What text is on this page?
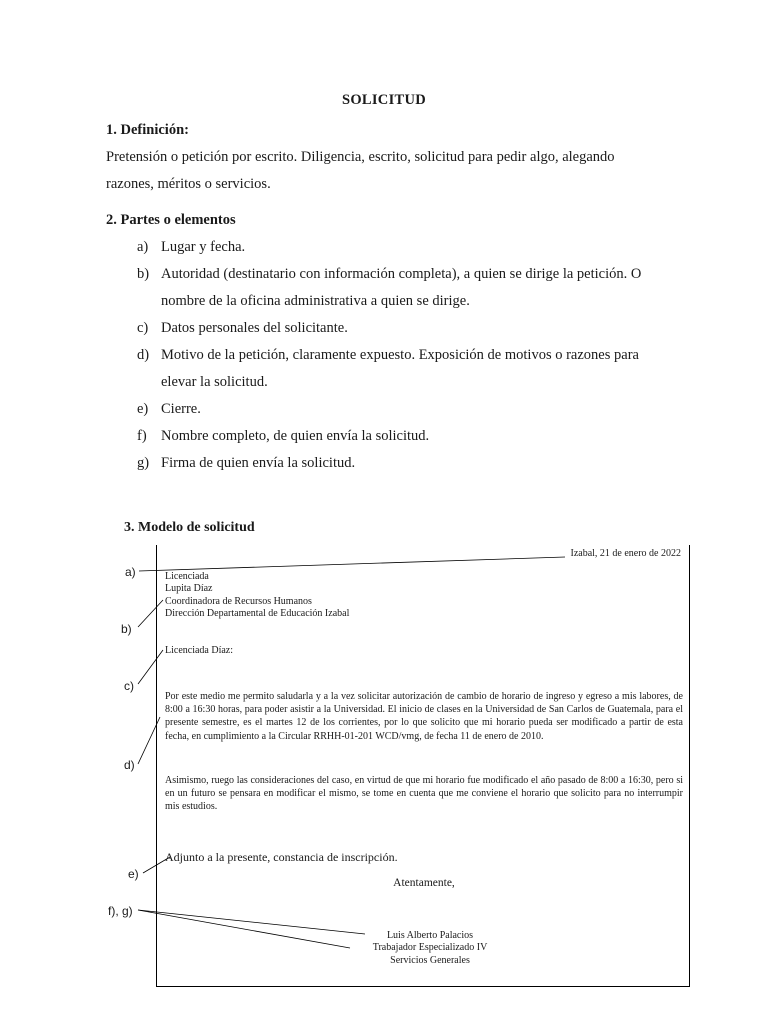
SOLICITUD
1. Definición:
Pretensión o petición por escrito. Diligencia, escrito, solicitud para pedir algo, alegando
razones, méritos o servicios.
2. Partes o elementos
a) Lugar y fecha.
b) Autoridad (destinatario con información completa), a quien se dirige la petición. O
nombre de la oficina administrativa a quien se dirige.
c) Datos personales del solicitante.
d) Motivo de la petición, claramente expuesto. Exposición de motivos o razones para
elevar la solicitud.
e) Cierre.
f) Nombre completo, de quien envía la solicitud.
g) Firma de quien envía la solicitud.
3. Modelo de solicitud
Izabal, 21 de enero de 2022
Licenciada
Lupita Díaz
Coordinadora de Recursos Humanos
Dirección Departamental de Educación Izabal
Licenciada Díaz:
Por este medio me permito saludarla y a la vez solicitar autorización de cambio de horario de ingreso y egreso a mis labores, de 8:00 a 16:30 horas, para poder asistir a la Universidad. El inicio de clases en la Universidad de San Carlos de Guatemala, para el presente semestre, es el martes 12 de los corrientes, por lo que solicito que mi horario pueda ser modificado a partir de esta fecha, en cumplimiento a la Circular RRHH-01-201 WCD/vmg, de fecha 11 de enero de 2010.
Asimismo, ruego las consideraciones del caso, en virtud de que mi horario fue modificado el año pasado de 8:00 a 16:30, pero si en un futuro se pensara en modificar el mismo, se tome en cuenta que me conviene el horario que solicito para no interrumpir mis estudios.
Adjunto a la presente, constancia de inscripción.
Atentamente,
Luis Alberto Palacios
Trabajador Especializado IV
Servicios Generales
a)
b)
c)
d)
e)
f), g)
